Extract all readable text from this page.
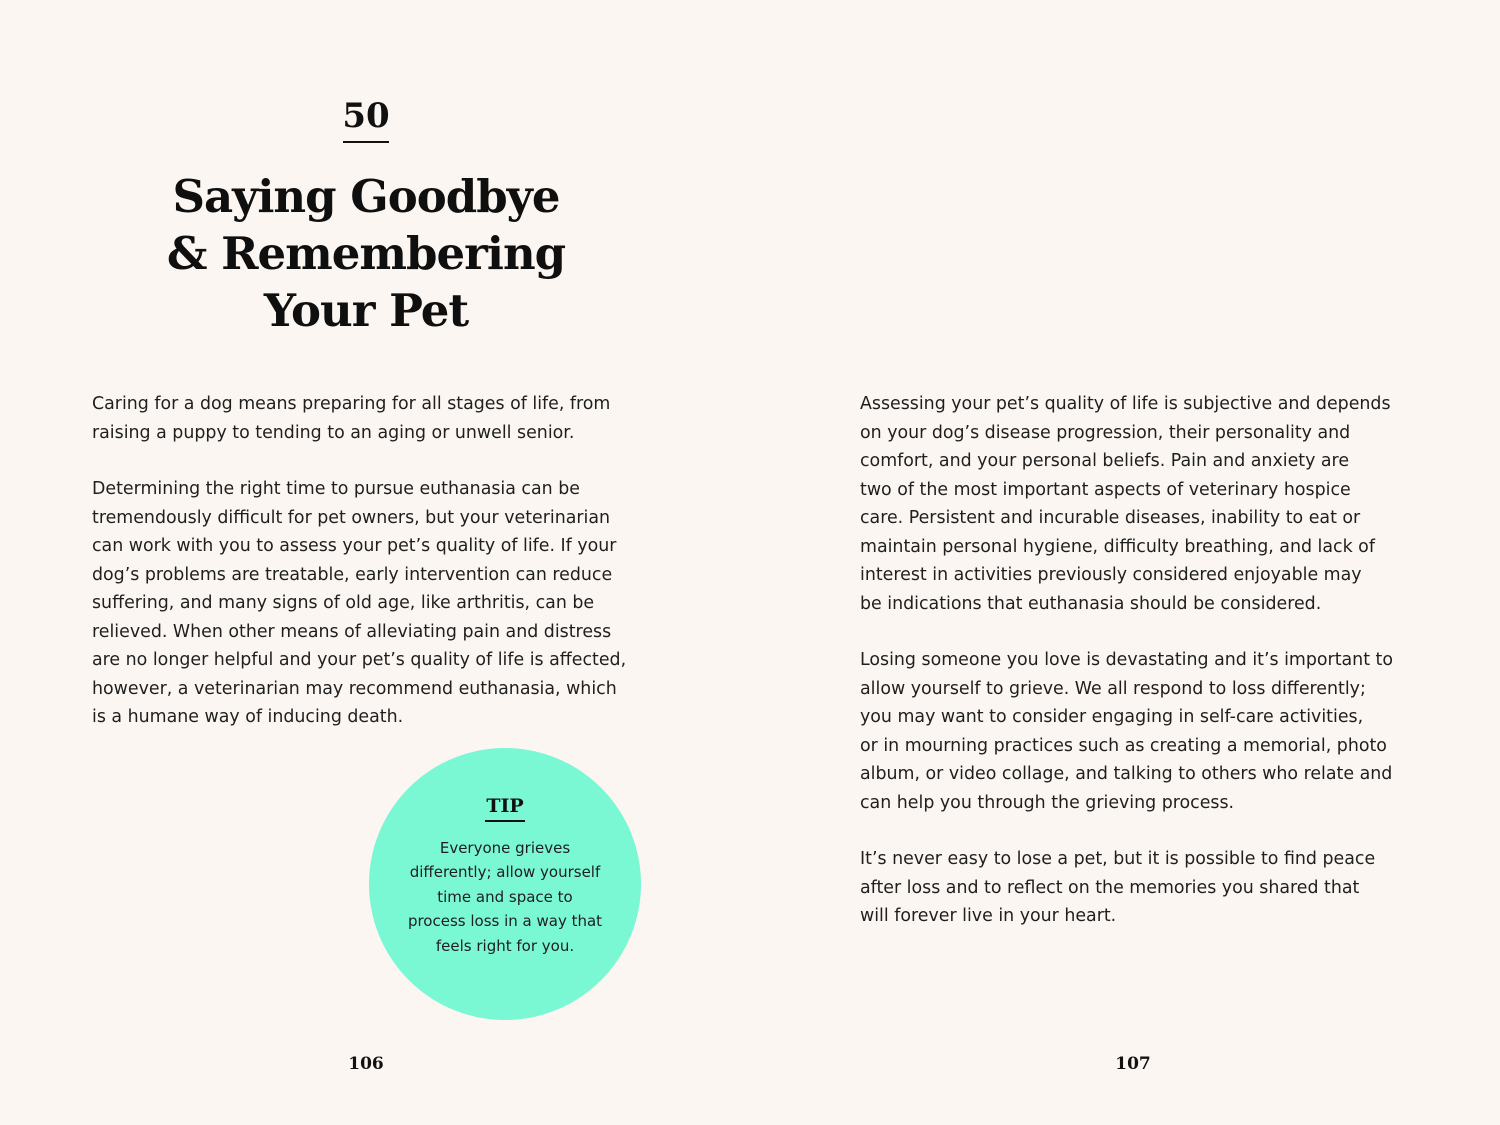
50
Saying Goodbye
& Remembering
Your Pet

Caring for a dog means preparing for all stages of life, from
raising a puppy to tending to an aging or unwell senior.

Determining the right time to pursue euthanasia can be
tremendously difficult for pet owners, but your veterinarian
can work with you to assess your pet’s quality of life. If your
dog’s problems are treatable, early intervention can reduce
suffering, and many signs of old age, like arthritis, can be
relieved. When other means of alleviating pain and distress
are no longer helpful and your pet’s quality of life is affected,
however, a veterinarian may recommend euthanasia, which
is a humane way of inducing death.

TIP
Everyone grieves
differently; allow yourself
time and space to
process loss in a way that
feels right for you.
106

Assessing your pet’s quality of life is subjective and depends
on your dog’s disease progression, their personality and
comfort, and your personal beliefs. Pain and anxiety are
two of the most important aspects of veterinary hospice
care. Persistent and incurable diseases, inability to eat or
maintain personal hygiene, difficulty breathing, and lack of
interest in activities previously considered enjoyable may
be indications that euthanasia should be considered.

Losing someone you love is devastating and it’s important to
allow yourself to grieve. We all respond to loss differently;
you may want to consider engaging in self-care activities,
or in mourning practices such as creating a memorial, photo
album, or video collage, and talking to others who relate and
can help you through the grieving process.

It’s never easy to lose a pet, but it is possible to find peace
after loss and to reflect on the memories you shared that
will forever live in your heart.

107
